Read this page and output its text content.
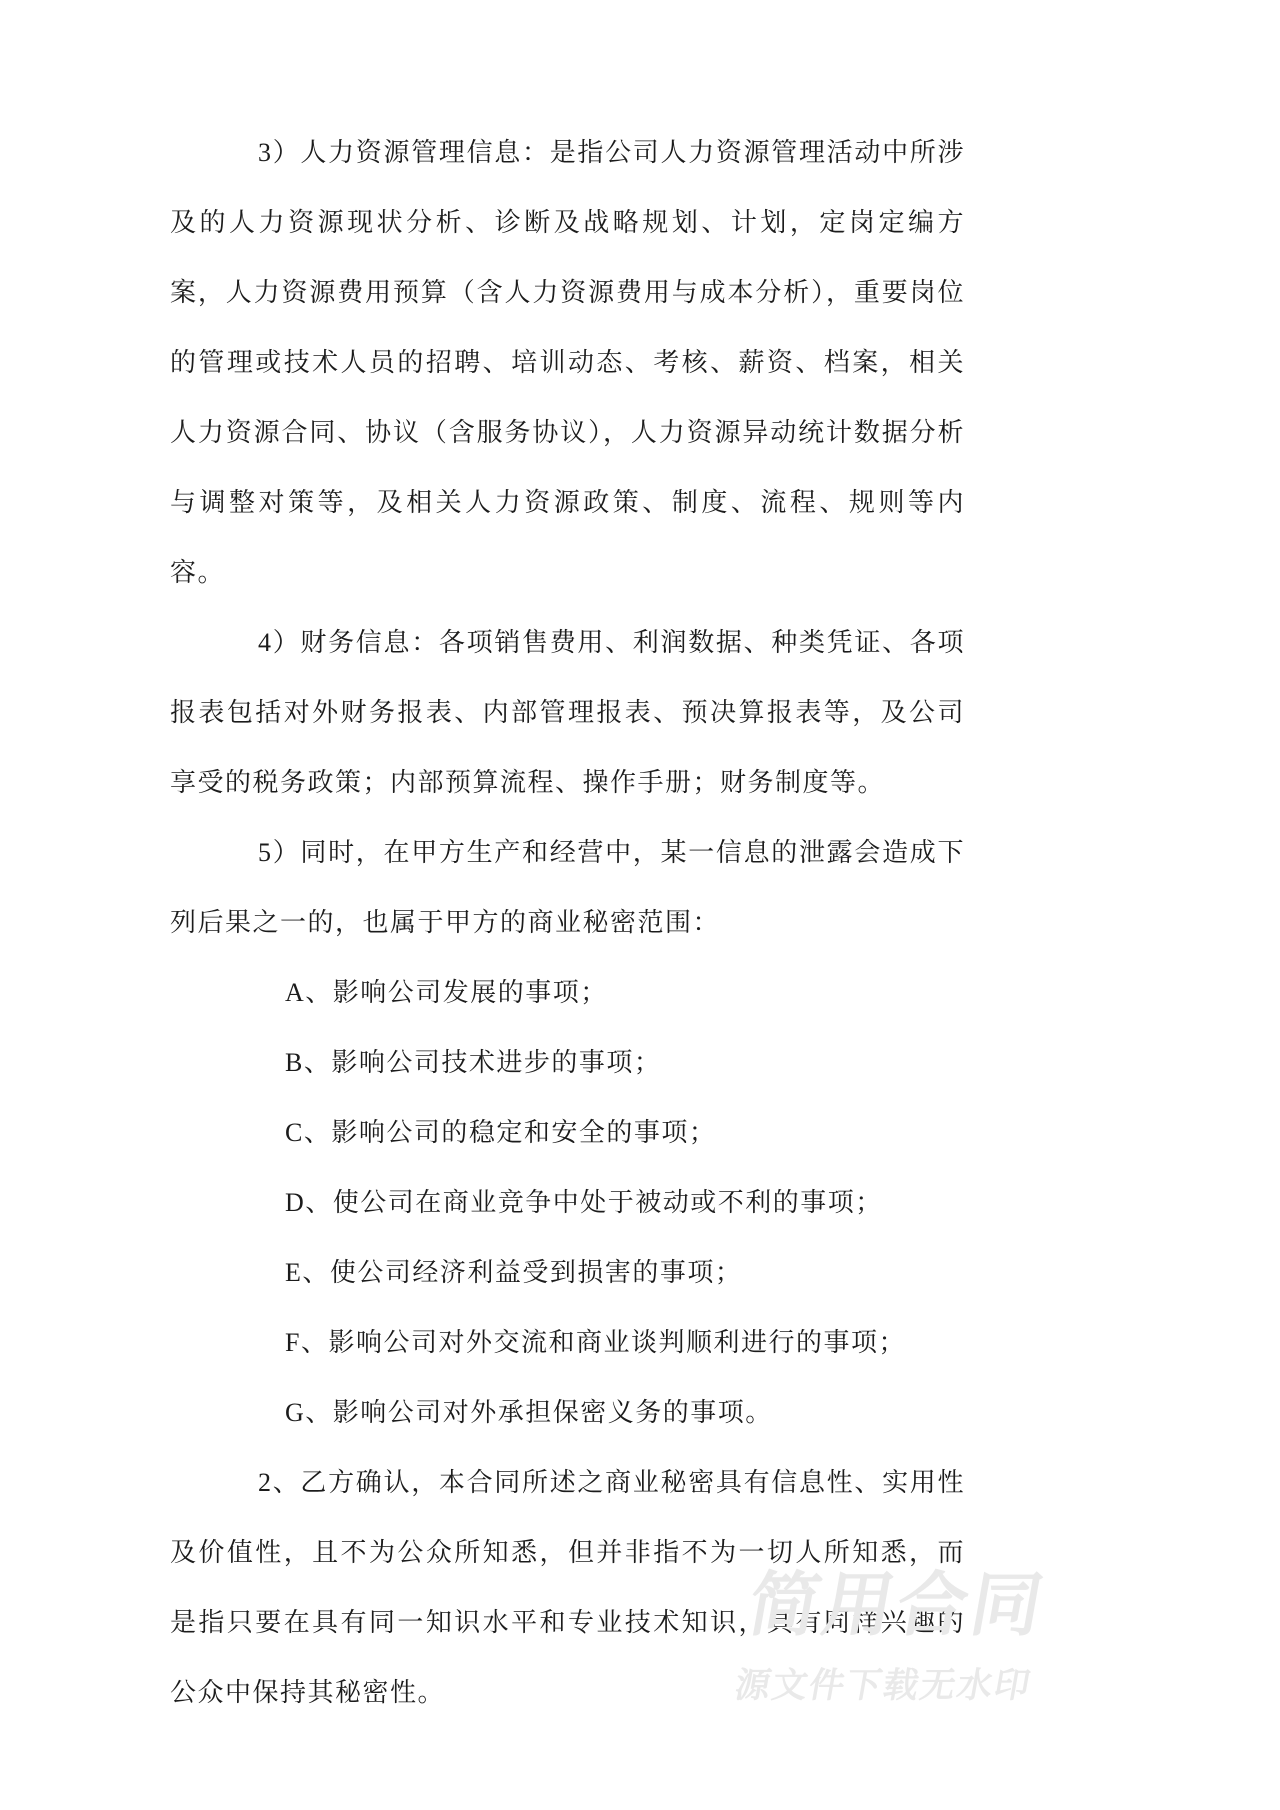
3）人力资源管理信息：是指公司人力资源管理活动中所涉及的人力资源现状分析、诊断及战略规划、计划，定岗定编方案，人力资源费用预算（含人力资源费用与成本分析），重要岗位的管理或技术人员的招聘、培训动态、考核、薪资、档案，相关人力资源合同、协议（含服务协议），人力资源异动统计数据分析与调整对策等，及相关人力资源政策、制度、流程、规则等内容。

4）财务信息：各项销售费用、利润数据、种类凭证、各项报表包括对外财务报表、内部管理报表、预决算报表等，及公司享受的税务政策；内部预算流程、操作手册；财务制度等。

5）同时，在甲方生产和经营中，某一信息的泄露会造成下列后果之一的，也属于甲方的商业秘密范围：

A、影响公司发展的事项；

B、影响公司技术进步的事项；

C、影响公司的稳定和安全的事项；

D、使公司在商业竞争中处于被动或不利的事项；

E、使公司经济利益受到损害的事项；

F、影响公司对外交流和商业谈判顺利进行的事项；

G、影响公司对外承担保密义务的事项。

2、乙方确认，本合同所述之商业秘密具有信息性、实用性及价值性，且不为公众所知悉，但并非指不为一切人所知悉，而是指只要在具有同一知识水平和专业技术知识，具有同样兴趣的公众中保持其秘密性。

简用合同
源文件下载无水印
